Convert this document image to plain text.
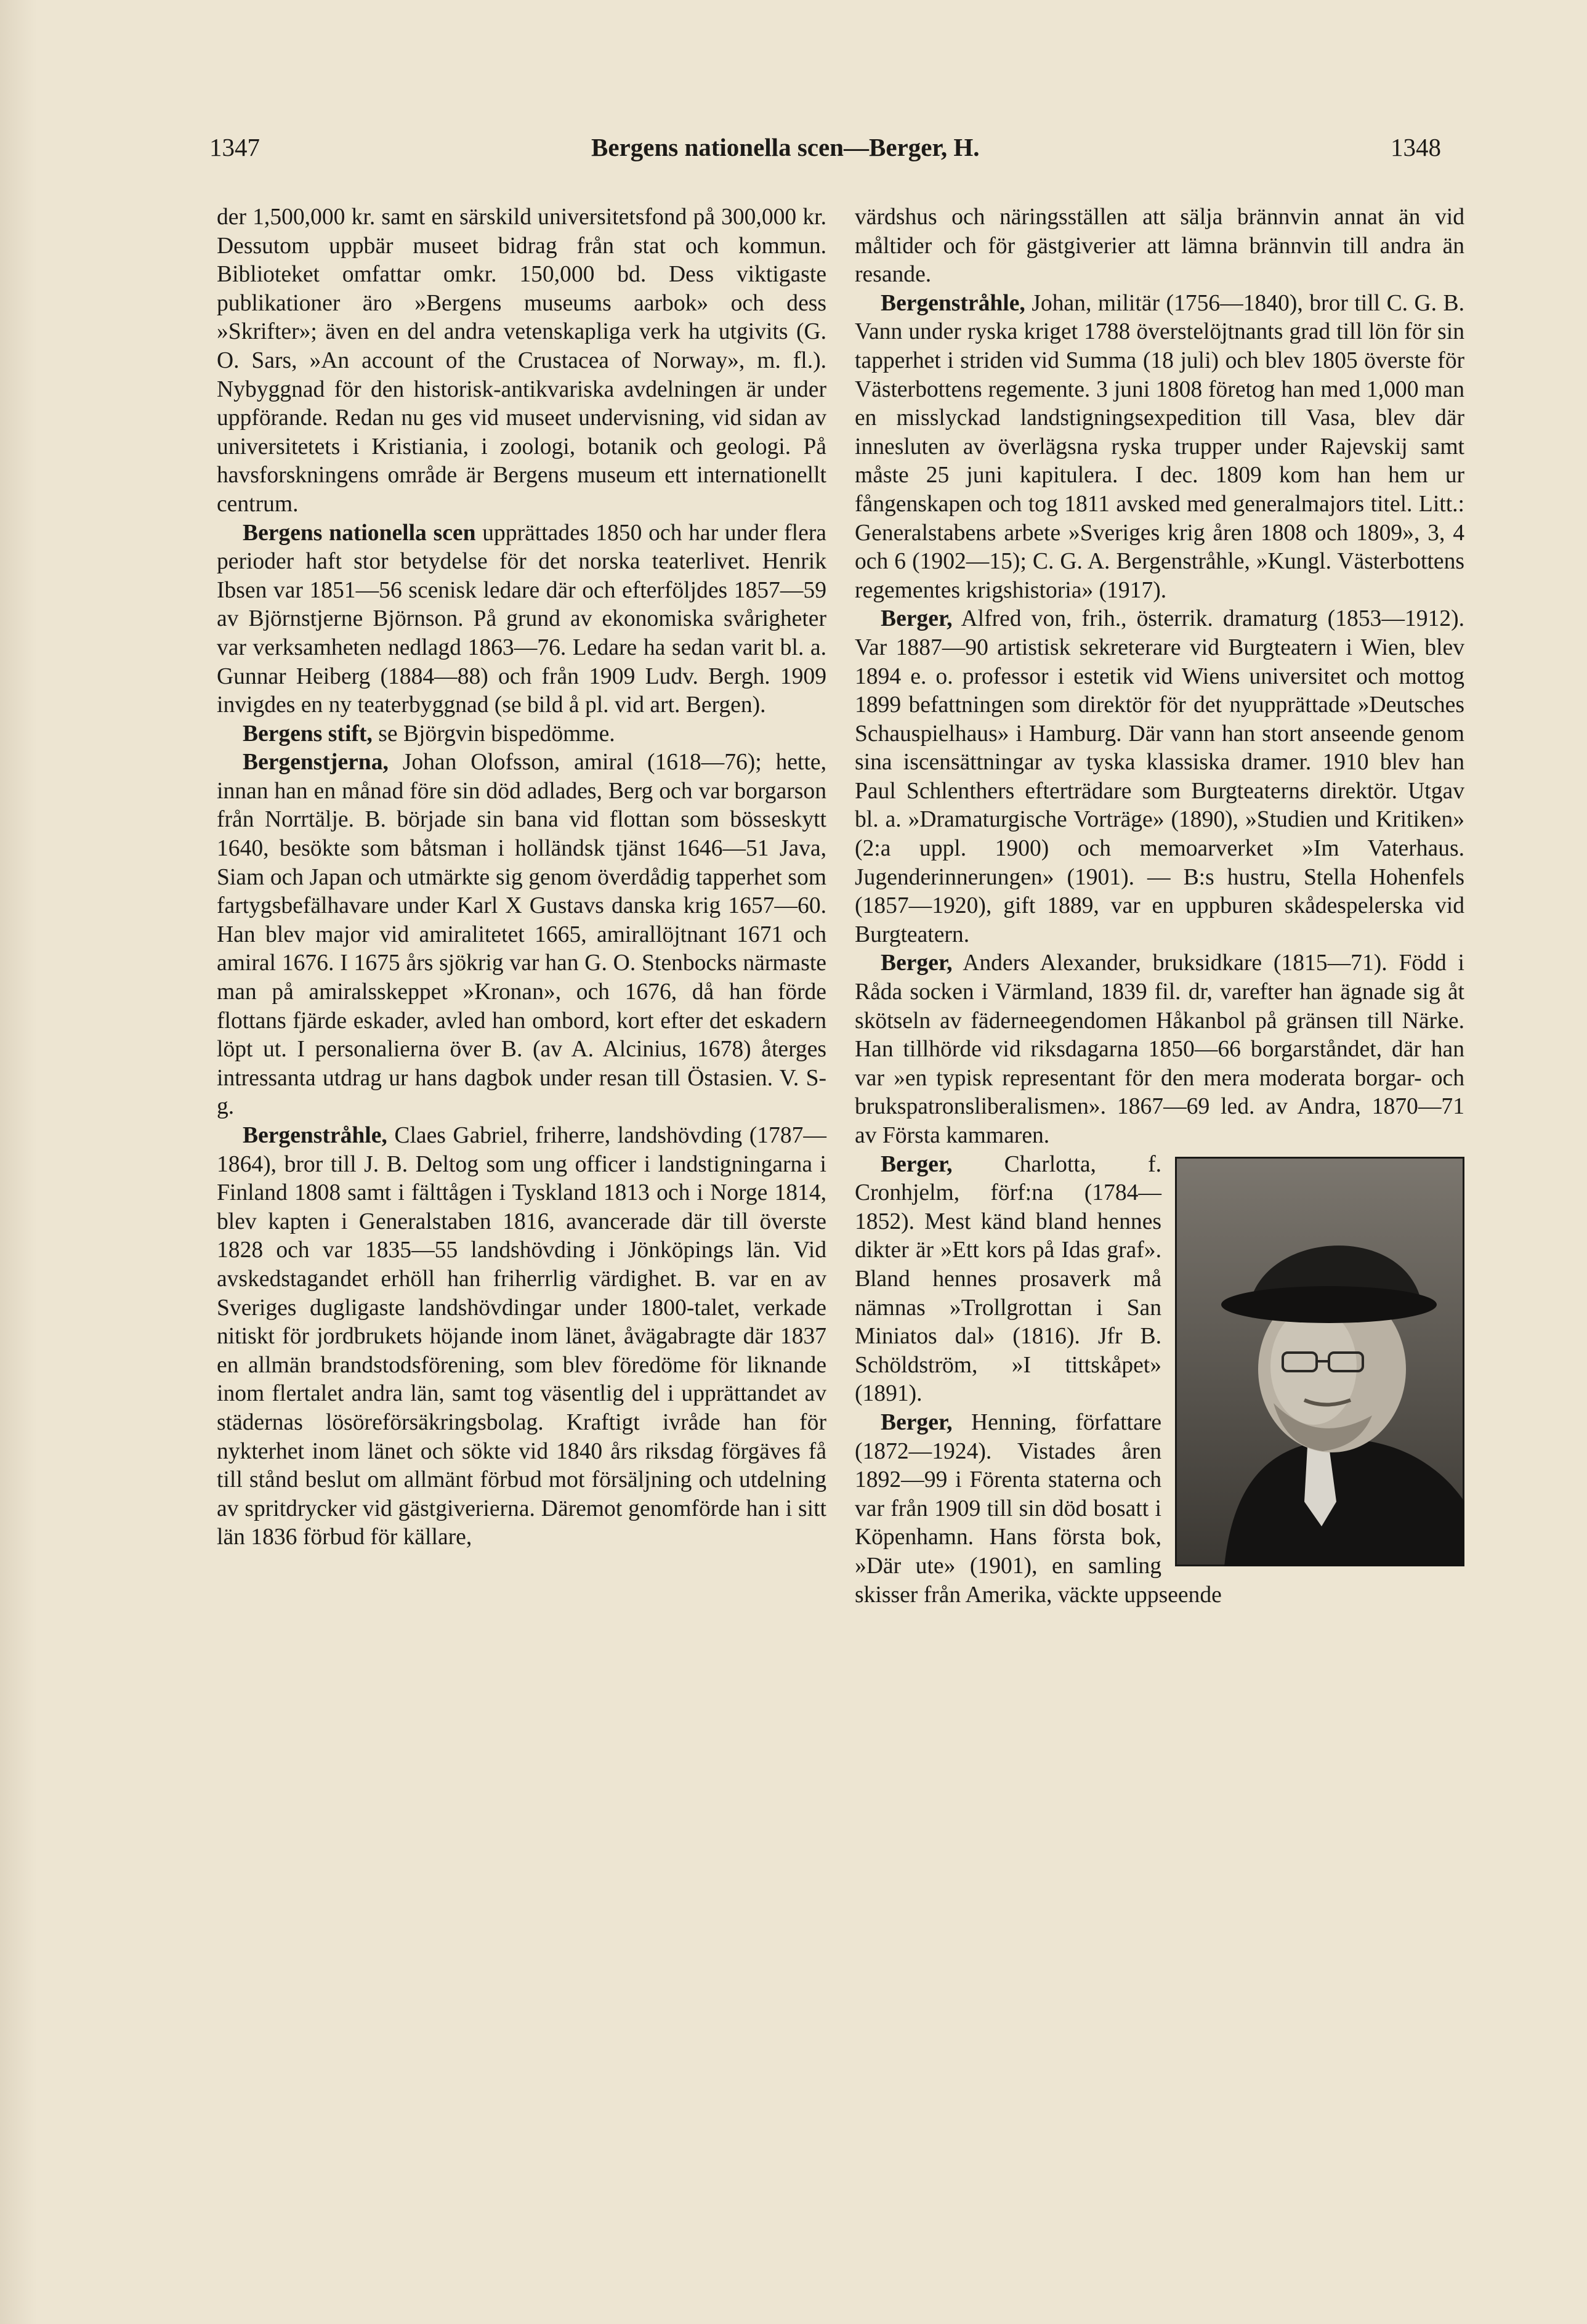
1347	Bergens nationella scen—Berger, H.	1348

der 1,500,000 kr. samt en särskild universitetsfond på 300,000 kr. Dessutom uppbär museet bidrag från stat och kommun. Biblioteket omfattar omkr. 150,000 bd. Dess viktigaste publikationer äro »Bergens museums aarbok» och dess »Skrifter»; även en del andra vetenskapliga verk ha utgivits (G. O. Sars, »An account of the Crustacea of Norway», m. fl.). Nybyggnad för den historisk-antikvariska avdelningen är under uppförande. Redan nu ges vid museet undervisning, vid sidan av universitetets i Kristiania, i zoologi, botanik och geologi. På havsforskningens område är Bergens museum ett internationellt centrum.

Bergens nationella scen upprättades 1850 och har under flera perioder haft stor betydelse för det norska teaterlivet. Henrik Ibsen var 1851—56 scenisk ledare där och efterföljdes 1857—59 av Björnstjerne Björnson. På grund av ekonomiska svårigheter var verksamheten nedlagd 1863—76. Ledare ha sedan varit bl. a. Gunnar Heiberg (1884—88) och från 1909 Ludv. Bergh. 1909 invigdes en ny teaterbyggnad (se bild å pl. vid art. Bergen).

Bergens stift, se Björgvin bispedömme.

Bergenstjerna, Johan Olofsson, amiral (1618—76); hette, innan han en månad före sin död adlades, Berg och var borgarson från Norrtälje. B. började sin bana vid flottan som bösseskytt 1640, besökte som båtsman i holländsk tjänst 1646—51 Java, Siam och Japan och utmärkte sig genom överdådig tapperhet som fartygsbefälhavare under Karl X Gustavs danska krig 1657—60. Han blev major vid amiralitetet 1665, amirallöjtnant 1671 och amiral 1676. I 1675 års sjökrig var han G. O. Stenbocks närmaste man på amiralsskeppet »Kronan», och 1676, då han förde flottans fjärde eskader, avled han ombord, kort efter det eskadern löpt ut. I personalierna över B. (av A. Alcinius, 1678) återges intressanta utdrag ur hans dagbok under resan till Östasien. V. S-g.

Bergenstråhle, Claes Gabriel, friherre, landshövding (1787—1864), bror till J. B. Deltog som ung officer i landstigningarna i Finland 1808 samt i fälttågen i Tyskland 1813 och i Norge 1814, blev kapten i Generalstaben 1816, avancerade där till överste 1828 och var 1835—55 landshövding i Jönköpings län. Vid avskedstagandet erhöll han friherrlig värdighet. B. var en av Sveriges dugligaste landshövdingar under 1800-talet, verkade nitiskt för jordbrukets höjande inom länet, åvägabragte där 1837 en allmän brandstodsförening, som blev föredöme för liknande inom flertalet andra län, samt tog väsentlig del i upprättandet av städernas lösöreförsäkringsbolag. Kraftigt ivråde han för nykterhet inom länet och sökte vid 1840 års riksdag förgäves få till stånd beslut om allmänt förbud mot försäljning och utdelning av spritdrycker vid gästgiverierna. Däremot genomförde han i sitt län 1836 förbud för källare,

värdshus och näringsställen att sälja brännvin annat än vid måltider och för gästgiverier att lämna brännvin till andra än resande.

Bergenstråhle, Johan, militär (1756—1840), bror till C. G. B. Vann under ryska kriget 1788 överstelöjtnants grad till lön för sin tapperhet i striden vid Summa (18 juli) och blev 1805 överste för Västerbottens regemente. 3 juni 1808 företog han med 1,000 man en misslyckad landstigningsexpedition till Vasa, blev där innesluten av överlägsna ryska trupper under Rajevskij samt måste 25 juni kapitulera. I dec. 1809 kom han hem ur fångenskapen och tog 1811 avsked med generalmajors titel. Litt.: Generalstabens arbete »Sveriges krig åren 1808 och 1809», 3, 4 och 6 (1902—15); C. G. A. Bergenstråhle, »Kungl. Västerbottens regementes krigshistoria» (1917).

Berger, Alfred von, frih., österrik. dramaturg (1853—1912). Var 1887—90 artistisk sekreterare vid Burgteatern i Wien, blev 1894 e. o. professor i estetik vid Wiens universitet och mottog 1899 befattningen som direktör för det nyupprättade »Deutsches Schauspielhaus» i Hamburg. Där vann han stort anseende genom sina iscensättningar av tyska klassiska dramer. 1910 blev han Paul Schlenthers efterträdare som Burgteaterns direktör. Utgav bl. a. »Dramaturgische Vorträge» (1890), »Studien und Kritiken» (2:a uppl. 1900) och memoarverket »Im Vaterhaus. Jugenderinnerungen» (1901). — B:s hustru, Stella Hohenfels (1857—1920), gift 1889, var en uppburen skådespelerska vid Burgteatern.

Berger, Anders Alexander, bruksidkare (1815—71). Född i Råda socken i Värmland, 1839 fil. dr, varefter han ägnade sig åt skötseln av fäderneegendomen Håkanbol på gränsen till Närke. Han tillhörde vid riksdagarna 1850—66 borgarståndet, där han var »en typisk representant för den mera moderata borgar- och brukspatronsliberalismen». 1867—69 led. av Andra, 1870—71 av Första kammaren.

Berger, Charlotta, f. Cronhjelm, förf:na (1784—1852). Mest känd bland hennes dikter är »Ett kors på Idas graf». Bland hennes prosaverk må nämnas »Trollgrottan i San Miniatos dal» (1816). Jfr B. Schöldström, »I tittskåpet» (1891).

Berger, Henning, författare (1872—1924). Vistades åren 1892—99 i Förenta staterna och var från 1909 till sin död bosatt i Köpenhamn. Hans första bok, »Där ute» (1901), en samling skisser från Amerika, väckte uppseende
